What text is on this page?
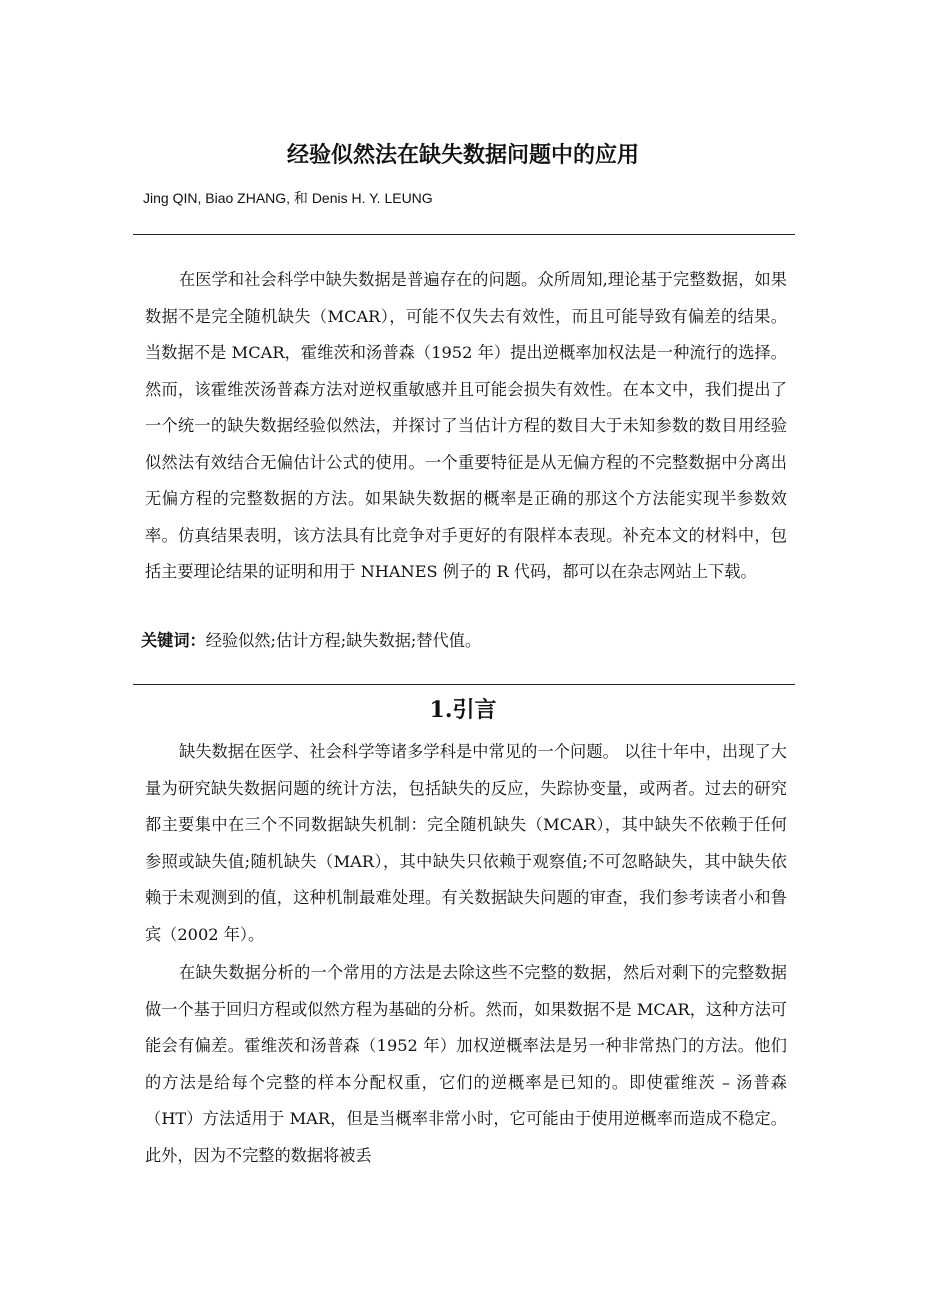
经验似然法在缺失数据问题中的应用
Jing QIN, Biao ZHANG, 和 Denis H. Y. LEUNG

在医学和社会科学中缺失数据是普遍存在的问题。众所周知,理论基于完整数据，如果数据不是完全随机缺失（MCAR），可能不仅失去有效性，而且可能导致有偏差的结果。当数据不是 MCAR，霍维茨和汤普森（1952 年）提出逆概率加权法是一种流行的选择。然而，该霍维茨汤普森方法对逆权重敏感并且可能会损失有效性。在本文中，我们提出了一个统一的缺失数据经验似然法，并探讨了当估计方程的数目大于未知参数的数目用经验似然法有效结合无偏估计公式的使用。一个重要特征是从无偏方程的不完整数据中分离出无偏方程的完整数据的方法。如果缺失数据的概率是正确的那这个方法能实现半参数效率。仿真结果表明，该方法具有比竞争对手更好的有限样本表现。补充本文的材料中，包括主要理论结果的证明和用于 NHANES 例子的 R 代码，都可以在杂志网站上下载。

关键词：经验似然;估计方程;缺失数据;替代值。
1.引言

缺失数据在医学、社会科学等诸多学科是中常见的一个问题。 以往十年中，出现了大量为研究缺失数据问题的统计方法，包括缺失的反应，失踪协变量，或两者。过去的研究都主要集中在三个不同数据缺失机制：完全随机缺失（MCAR），其中缺失不依赖于任何参照或缺失值;随机缺失（MAR），其中缺失只依赖于观察值;不可忽略缺失，其中缺失依赖于未观测到的值，这种机制最难处理。有关数据缺失问题的审查，我们参考读者小和鲁宾（2002 年）。

在缺失数据分析的一个常用的方法是去除这些不完整的数据，然后对剩下的完整数据做一个基于回归方程或似然方程为基础的分析。然而，如果数据不是 MCAR，这种方法可能会有偏差。霍维茨和汤普森（1952 年）加权逆概率法是另一种非常热门的方法。他们的方法是给每个完整的样本分配权重，它们的逆概率是已知的。即使霍维茨 – 汤普森（HT）方法适用于 MAR，但是当概率非常小时，它可能由于使用逆概率而造成不稳定。此外，因为不完整的数据将被丢
